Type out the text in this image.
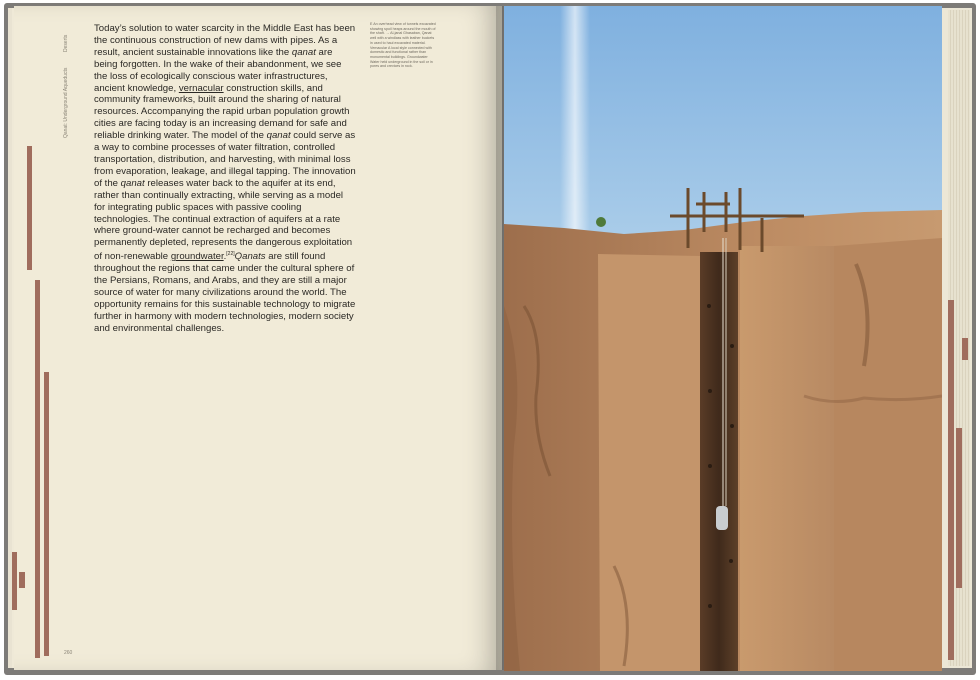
Deserts
Qanat: Underground Aqueducts

Today’s solution to water scarcity in the Middle East has been the continuous construction of new dams with pipes. As a result, ancient sustainable innovations like the qanat are being forgotten. In the wake of their abandonment, we see the loss of ecologically conscious water infrastructures, ancient knowledge, vernacular construction skills, and community frameworks, built around the sharing of natural resources. Accompanying the rapid urban population growth cities are facing today is an increasing demand for safe and reliable drinking water. The model of the qanat could serve as a way to combine processes of water filtration, controlled transportation, distribution, and harvesting, with minimal loss from evaporation, leakage, and illegal tapping. The innovation of the qanat releases water back to the aquifer at its end, rather than continually extracting, while serving as a model for integrating public spaces with passive cooling technologies. The continual extraction of aquifers at a rate where ground-water cannot be recharged and becomes permanently depleted, represents the dangerous exploitation of non-renewable groundwater.[22]Qanats are still found throughout the regions that came under the cultural sphere of the Persians, Romans, and Arabs, and they are still a major source of water for many civilizations around the world. The opportunity remains for this sustainable technology to migrate further in harmony with modern technologies, modern society and environmental challenges.

E An overhead view of tunnels excavated showing spoil heaps around the mouth of the shaft. → Al-janal Ghasaban, Qanat well with a windlass with leather buckets in used to haul excavated material. Vernacular A local style connected with domestic and functional rather than monumental buildings. Groundwater Water held underground in the soil or in pores and crevices in rock.

260
